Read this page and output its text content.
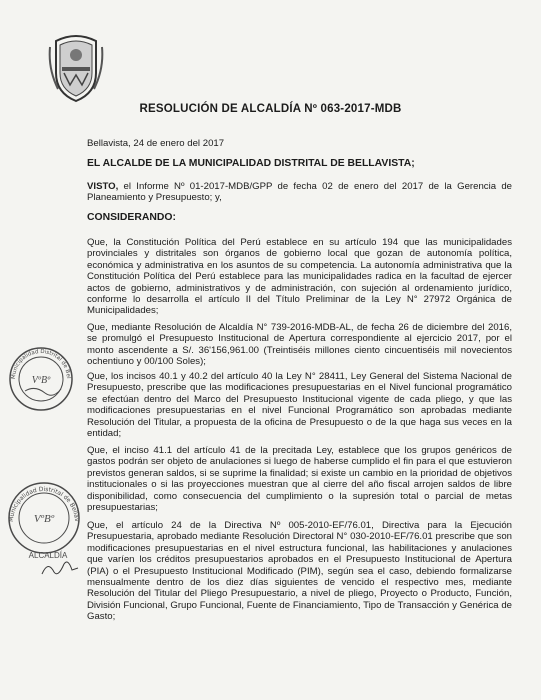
RESOLUCIÓN DE ALCALDÍA Nº 063-2017-MDB

Bellavista, 24 de enero del 2017

EL ALCALDE DE LA MUNICIPALIDAD DISTRITAL DE BELLAVISTA;

VISTO, el Informe Nº 01-2017-MDB/GPP de fecha 02 de enero del 2017 de la Gerencia de Planeamiento y Presupuesto; y,

CONSIDERANDO:

Que, la Constitución Política del Perú establece en su artículo 194 que las municipalidades provinciales y distritales son órganos de gobierno local que gozan de autonomía política, económica y administrativa en los asuntos de su competencia. La autonomía administrativa que la Constitución Política del Perú establece para las municipalidades radica en la facultad de ejercer actos de gobierno, administrativos y de administración, con sujeción al ordenamiento jurídico, conforme lo desarrolla el artículo II del Título Preliminar de la Ley N° 27972 Orgánica de Municipalidades;

Que, mediante Resolución de Alcaldía N° 739-2016-MDB-AL, de fecha 26 de diciembre del 2016, se promulgó el Presupuesto Institucional de Apertura correspondiente al ejercicio 2017, por el monto ascendente a S/. 36'156,961.00 (Treintiséis millones ciento cincuentiséis mil novecientos ochentiuno y 00/100 Soles);

Que, los incisos 40.1 y 40.2 del artículo 40 la Ley N° 28411, Ley General del Sistema Nacional de Presupuesto, prescribe que las modificaciones presupuestarias en el Nivel funcional programático se efectúan dentro del Marco del Presupuesto Institucional vigente de cada pliego, y que las modificaciones presupuestarias en el nivel Funcional Programático son aprobadas mediante Resolución del Titular, a propuesta de la oficina de Presupuesto o de la que haga sus veces en la entidad;

Que, el inciso 41.1 del artículo 41 de la precitada Ley, establece que los grupos genéricos de gastos podrán ser objeto de anulaciones si luego de haberse cumplido el fin para el que estuvieron previstos generan saldos, si se suprime la finalidad; si existe un cambio en la prioridad de objetivos institucionales o si las proyecciones muestran que al cierre del año fiscal arrojen saldos de libre disponibilidad, como consecuencia del cumplimiento o la supresión total o parcial de metas presupuestarias;

Que, el artículo 24 de la Directiva Nº 005-2010-EF/76.01, Directiva para la Ejecución Presupuestaria, aprobado mediante Resolución Directoral N° 030-2010-EF/76.01 prescribe que son modificaciones presupuestarias en el nivel estructura funcional, las habilitaciones y anulaciones que varíen los créditos presupuestarios aprobados en el Presupuesto Institucional de Apertura (PIA) o el Presupuesto Institucional Modificado (PIM), según sea el caso, debiendo formalizarse mensualmente dentro de los diez días siguientes de vencido el respectivo mes, mediante Resolución del Titular del Pliego Presupuestario, a nivel de pliego, Proyecto o Producto, Función, División Funcional, Grupo Funcional, Fuente de Financiamiento, Tipo de Transacción y Genérica de Gasto;

Municipalidad Distrital de Bel
VºBº
Municipalidad Distrital de Bellav
VºBº
ALCALDÍA
